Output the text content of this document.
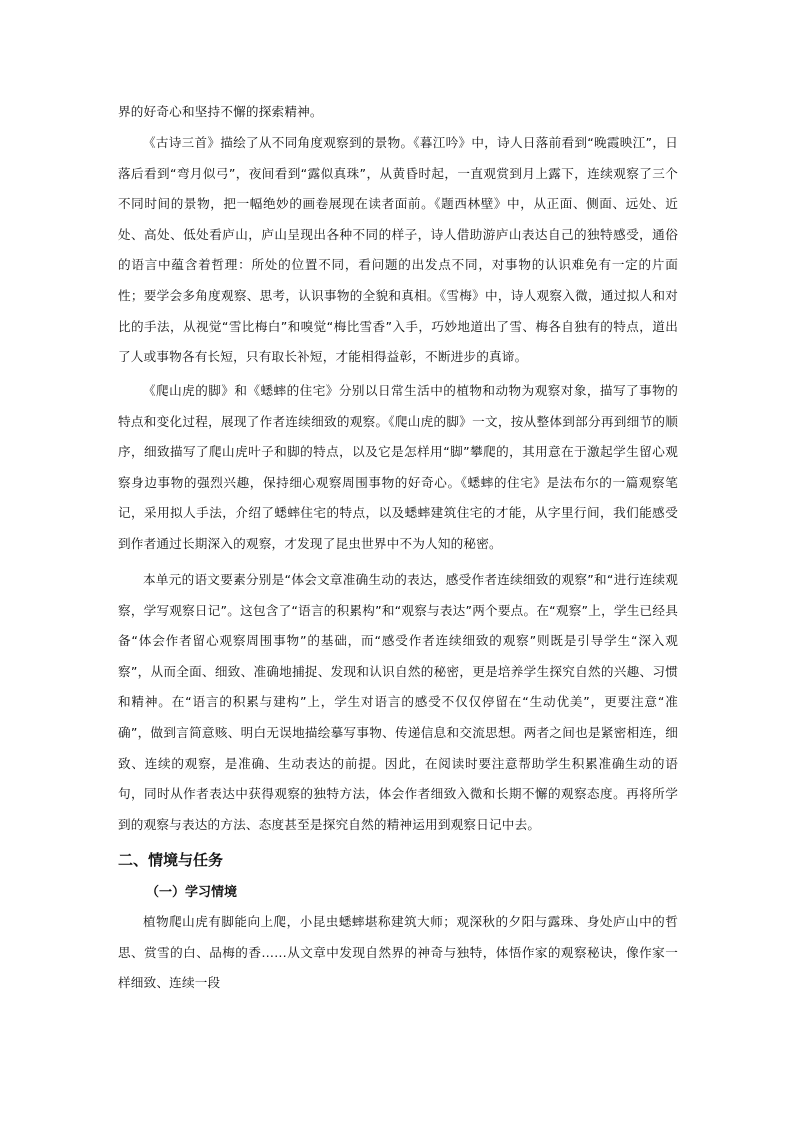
界的好奇心和坚持不懈的探索精神。

《古诗三首》描绘了从不同角度观察到的景物。《暮江吟》中，诗人日落前看到“晚霞映江”，日落后看到“弯月似弓”，夜间看到“露似真珠”，从黄昏时起，一直观赏到月上露下，连续观察了三个不同时间的景物，把一幅绝妙的画卷展现在读者面前。《题西林壁》中，从正面、侧面、远处、近处、高处、低处看庐山，庐山呈现出各种不同的样子，诗人借助游庐山表达自己的独特感受，通俗的语言中蕴含着哲理：所处的位置不同，看问题的出发点不同，对事物的认识难免有一定的片面性；要学会多角度观察、思考，认识事物的全貌和真相。《雪梅》中，诗人观察入微，通过拟人和对比的手法，从视觉“雪比梅白”和嗅觉“梅比雪香”入手，巧妙地道出了雪、梅各自独有的特点，道出了人或事物各有长短，只有取长补短，才能相得益彰，不断进步的真谛。

《爬山虎的脚》和《蟋蟀的住宅》分别以日常生活中的植物和动物为观察对象，描写了事物的特点和变化过程，展现了作者连续细致的观察。《爬山虎的脚》一文，按从整体到部分再到细节的顺序，细致描写了爬山虎叶子和脚的特点，以及它是怎样用“脚”攀爬的，其用意在于激起学生留心观察身边事物的强烈兴趣，保持细心观察周围事物的好奇心。《蟋蟀的住宅》是法布尔的一篇观察笔记，采用拟人手法，介绍了蟋蟀住宅的特点，以及蟋蟀建筑住宅的才能，从字里行间，我们能感受到作者通过长期深入的观察，才发现了昆虫世界中不为人知的秘密。

本单元的语文要素分别是“体会文章准确生动的表达，感受作者连续细致的观察”和“进行连续观察，学写观察日记”。这包含了“语言的积累构”和“观察与表达”两个要点。在“观察”上，学生已经具备“体会作者留心观察周围事物”的基础，而“感受作者连续细致的观察”则既是引导学生“深入观察”，从而全面、细致、准确地捕捉、发现和认识自然的秘密，更是培养学生探究自然的兴趣、习惯和精神。在“语言的积累与建构”上，学生对语言的感受不仅仅停留在“生动优美”，更要注意“准确”，做到言简意赅、明白无误地描绘摹写事物、传递信息和交流思想。两者之间也是紧密相连，细致、连续的观察，是准确、生动表达的前提。因此，在阅读时要注意帮助学生积累准确生动的语句，同时从作者表达中获得观察的独特方法，体会作者细致入微和长期不懈的观察态度。再将所学到的观察与表达的方法、态度甚至是探究自然的精神运用到观察日记中去。

二、情境与任务
（一）学习情境

植物爬山虎有脚能向上爬，小昆虫蟋蟀堪称建筑大师；观深秋的夕阳与露珠、身处庐山中的哲思、赏雪的白、品梅的香……从文章中发现自然界的神奇与独特，体悟作家的观察秘诀，像作家一样细致、连续一段
